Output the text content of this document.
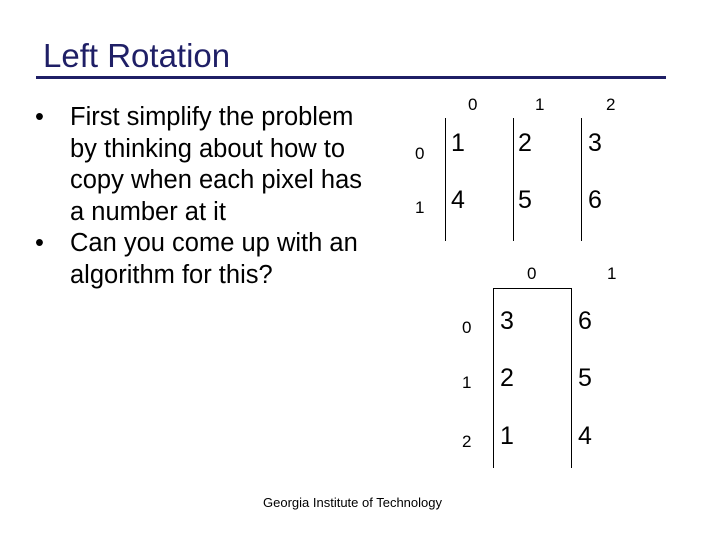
Left Rotation
• First simplify the problem by thinking about how to copy when each pixel has a number at it
• Can you come up with an algorithm for this?
0	1	2
0
1
1 2 3
4 5 6
0	1
0
1
2
3	6
2	5
1	4
Georgia Institute of Technology
